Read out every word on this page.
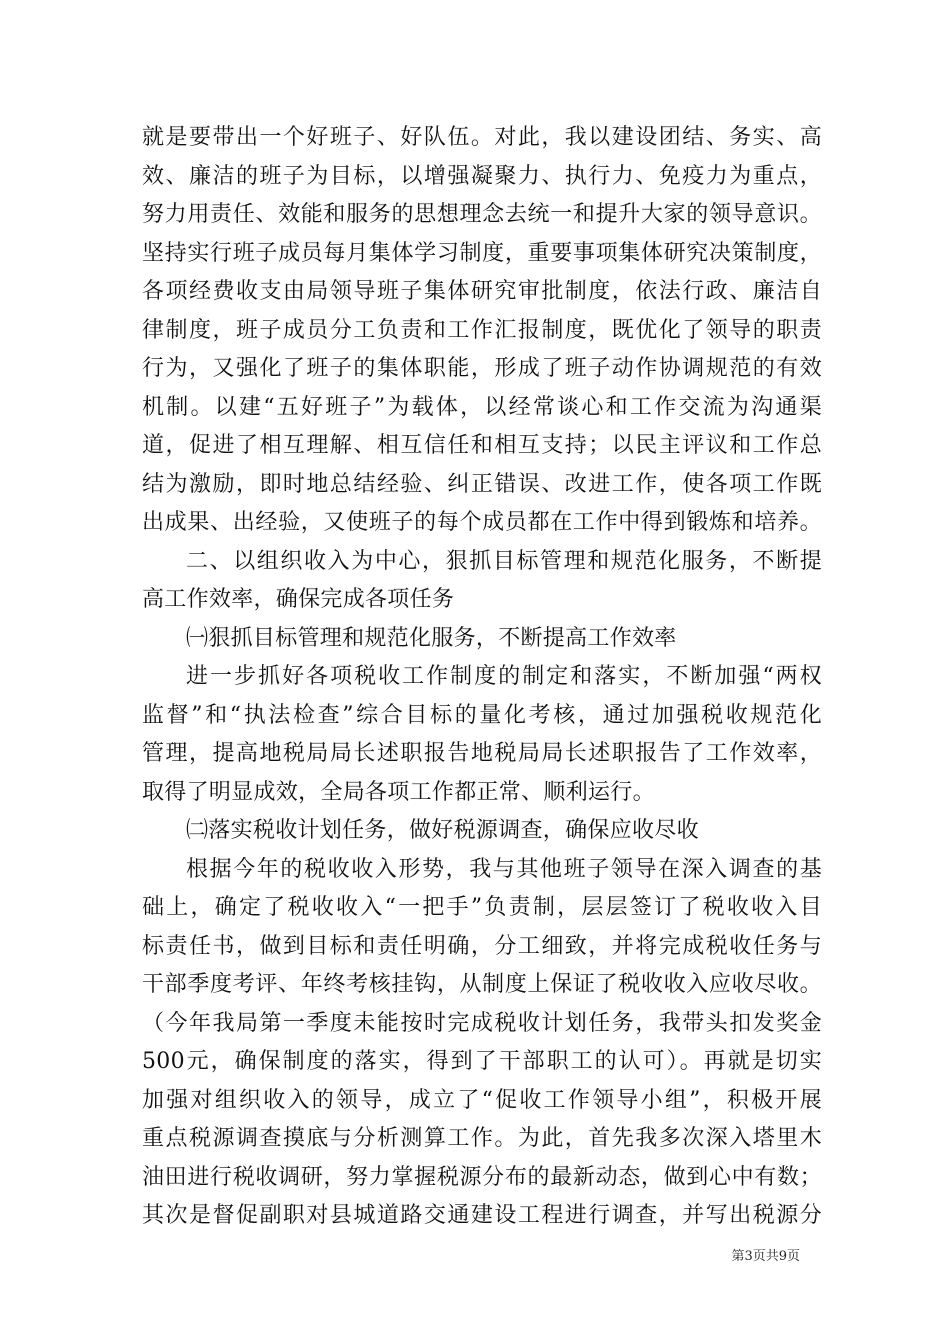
就是要带出一个好班子、好队伍。对此，我以建设团结、务实、高
效、廉洁的班子为目标，以增强凝聚力、执行力、免疫力为重点，
努力用责任、效能和服务的思想理念去统一和提升大家的领导意识。
坚持实行班子成员每月集体学习制度，重要事项集体研究决策制度，
各项经费收支由局领导班子集体研究审批制度，依法行政、廉洁自
律制度，班子成员分工负责和工作汇报制度，既优化了领导的职责
行为，又强化了班子的集体职能，形成了班子动作协调规范的有效
机制。以建“五好班子”为载体，以经常谈心和工作交流为沟通渠
道，促进了相互理解、相互信任和相互支持；以民主评议和工作总
结为激励，即时地总结经验、纠正错误、改进工作，使各项工作既
出成果、出经验，又使班子的每个成员都在工作中得到锻炼和培养。
二、以组织收入为中心，狠抓目标管理和规范化服务，不断提
高工作效率，确保完成各项任务
㈠狠抓目标管理和规范化服务，不断提高工作效率
进一步抓好各项税收工作制度的制定和落实，不断加强“两权
监督”和“执法检查”综合目标的量化考核，通过加强税收规范化
管理，提高地税局局长述职报告地税局局长述职报告了工作效率，
取得了明显成效，全局各项工作都正常、顺利运行。
㈡落实税收计划任务，做好税源调查，确保应收尽收
根据今年的税收收入形势，我与其他班子领导在深入调查的基
础上，确定了税收收入“一把手”负责制，层层签订了税收收入目
标责任书，做到目标和责任明确，分工细致，并将完成税收任务与
干部季度考评、年终考核挂钩，从制度上保证了税收收入应收尽收。
（今年我局第一季度未能按时完成税收计划任务，我带头扣发奖金
500元，确保制度的落实，得到了干部职工的认可）。再就是切实
加强对组织收入的领导，成立了“促收工作领导小组”，积极开展
重点税源调查摸底与分析测算工作。为此，首先我多次深入塔里木
油田进行税收调研，努力掌握税源分布的最新动态，做到心中有数；
其次是督促副职对县城道路交通建设工程进行调查，并写出税源分
第3页共9页
